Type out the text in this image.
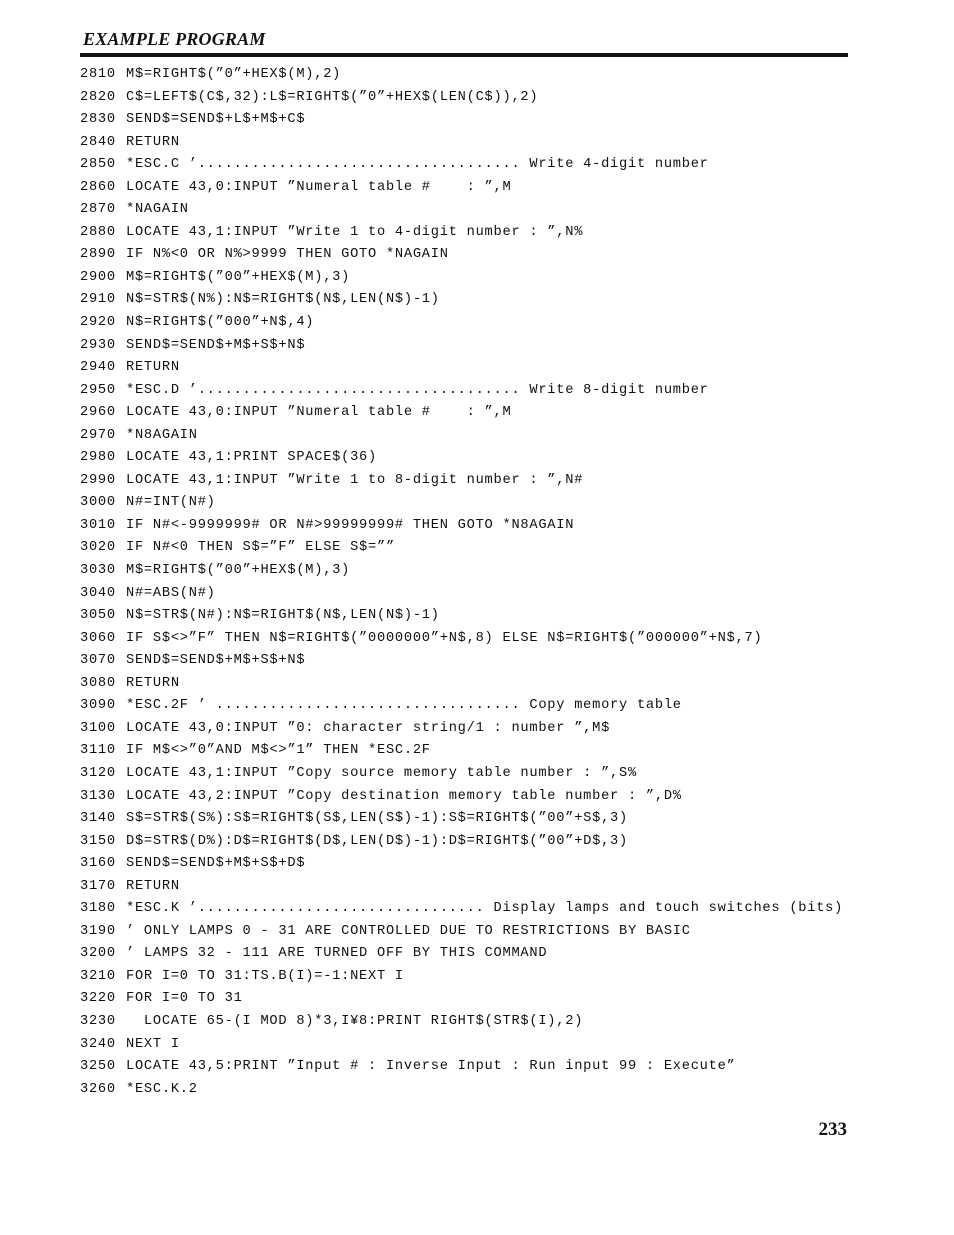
EXAMPLE PROGRAM
2810 M$=RIGHT$(”0”+HEX$(M),2)
2820 C$=LEFT$(C$,32):L$=RIGHT$(”0”+HEX$(LEN(C$)),2)
2830 SEND$=SEND$+L$+M$+C$
2840 RETURN
2850 *ESC.C ’.................................... Write 4-digit number
2860 LOCATE 43,0:INPUT ”Numeral table #    : ”,M
2870 *NAGAIN
2880 LOCATE 43,1:INPUT ”Write 1 to 4-digit number : ”,N%
2890 IF N%<0 OR N%>9999 THEN GOTO *NAGAIN
2900 M$=RIGHT$(”00”+HEX$(M),3)
2910 N$=STR$(N%):N$=RIGHT$(N$,LEN(N$)-1)
2920 N$=RIGHT$(”000”+N$,4)
2930 SEND$=SEND$+M$+S$+N$
2940 RETURN
2950 *ESC.D ’.................................... Write 8-digit number
2960 LOCATE 43,0:INPUT ”Numeral table #    : ”,M
2970 *N8AGAIN
2980 LOCATE 43,1:PRINT SPACE$(36)
2990 LOCATE 43,1:INPUT ”Write 1 to 8-digit number : ”,N#
3000 N#=INT(N#)
3010 IF N#<-9999999# OR N#>99999999# THEN GOTO *N8AGAIN
3020 IF N#<0 THEN S$=”F” ELSE S$=””
3030 M$=RIGHT$(”00”+HEX$(M),3)
3040 N#=ABS(N#)
3050 N$=STR$(N#):N$=RIGHT$(N$,LEN(N$)-1)
3060 IF S$<>”F” THEN N$=RIGHT$(”0000000”+N$,8) ELSE N$=RIGHT$(”000000”+N$,7)
3070 SEND$=SEND$+M$+S$+N$
3080 RETURN
3090 *ESC.2F ’ .................................. Copy memory table
3100 LOCATE 43,0:INPUT ”0: character string/1 : number ”,M$
3110 IF M$<>”0”AND M$<>”1” THEN *ESC.2F
3120 LOCATE 43,1:INPUT ”Copy source memory table number : ”,S%
3130 LOCATE 43,2:INPUT ”Copy destination memory table number : ”,D%
3140 S$=STR$(S%):S$=RIGHT$(S$,LEN(S$)-1):S$=RIGHT$(”00”+S$,3)
3150 D$=STR$(D%):D$=RIGHT$(D$,LEN(D$)-1):D$=RIGHT$(”00”+D$,3)
3160 SEND$=SEND$+M$+S$+D$
3170 RETURN
3180 *ESC.K ’................................ Display lamps and touch switches (bits)
3190 ’ ONLY LAMPS 0 - 31 ARE CONTROLLED DUE TO RESTRICTIONS BY BASIC
3200 ’ LAMPS 32 - 111 ARE TURNED OFF BY THIS COMMAND
3210 FOR I=0 TO 31:TS.B(I)=-1:NEXT I
3220 FOR I=0 TO 31
3230 LOCATE 65-(I MOD 8)*3,I¥8:PRINT RIGHT$(STR$(I),2)
3240 NEXT I
3250 LOCATE 43,5:PRINT ”Input # : Inverse Input : Run input 99 : Execute”
3260 *ESC.K.2
233
